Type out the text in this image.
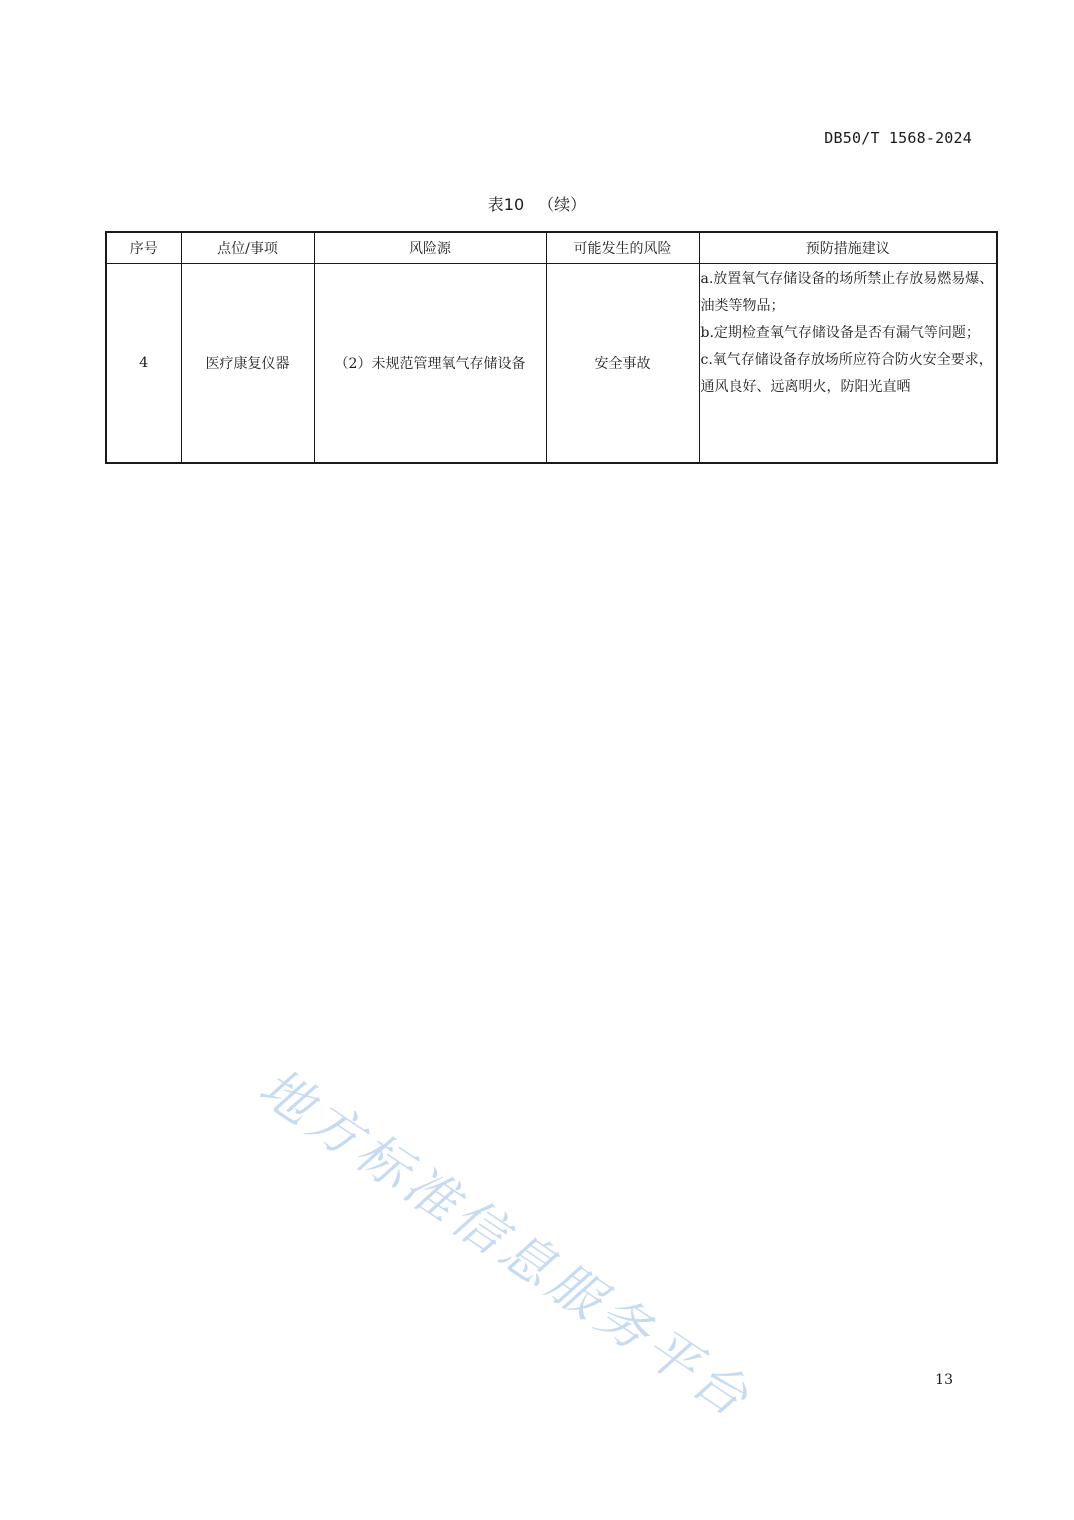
DB50/T 1568-2024
表10 （续）
序号	点位/事项	风险源	可能发生的风险	预防措施建议
4	医疗康复仪器	（2）未规范管理氧气存储设备	安全事故	a.放置氧气存储设备的场所禁止存放易燃易爆、油类等物品；
b.定期检查氧气存储设备是否有漏气等问题；
c.氧气存储设备存放场所应符合防火安全要求，通风良好、远离明火，防阳光直晒
地方标准信息服务平台	13
